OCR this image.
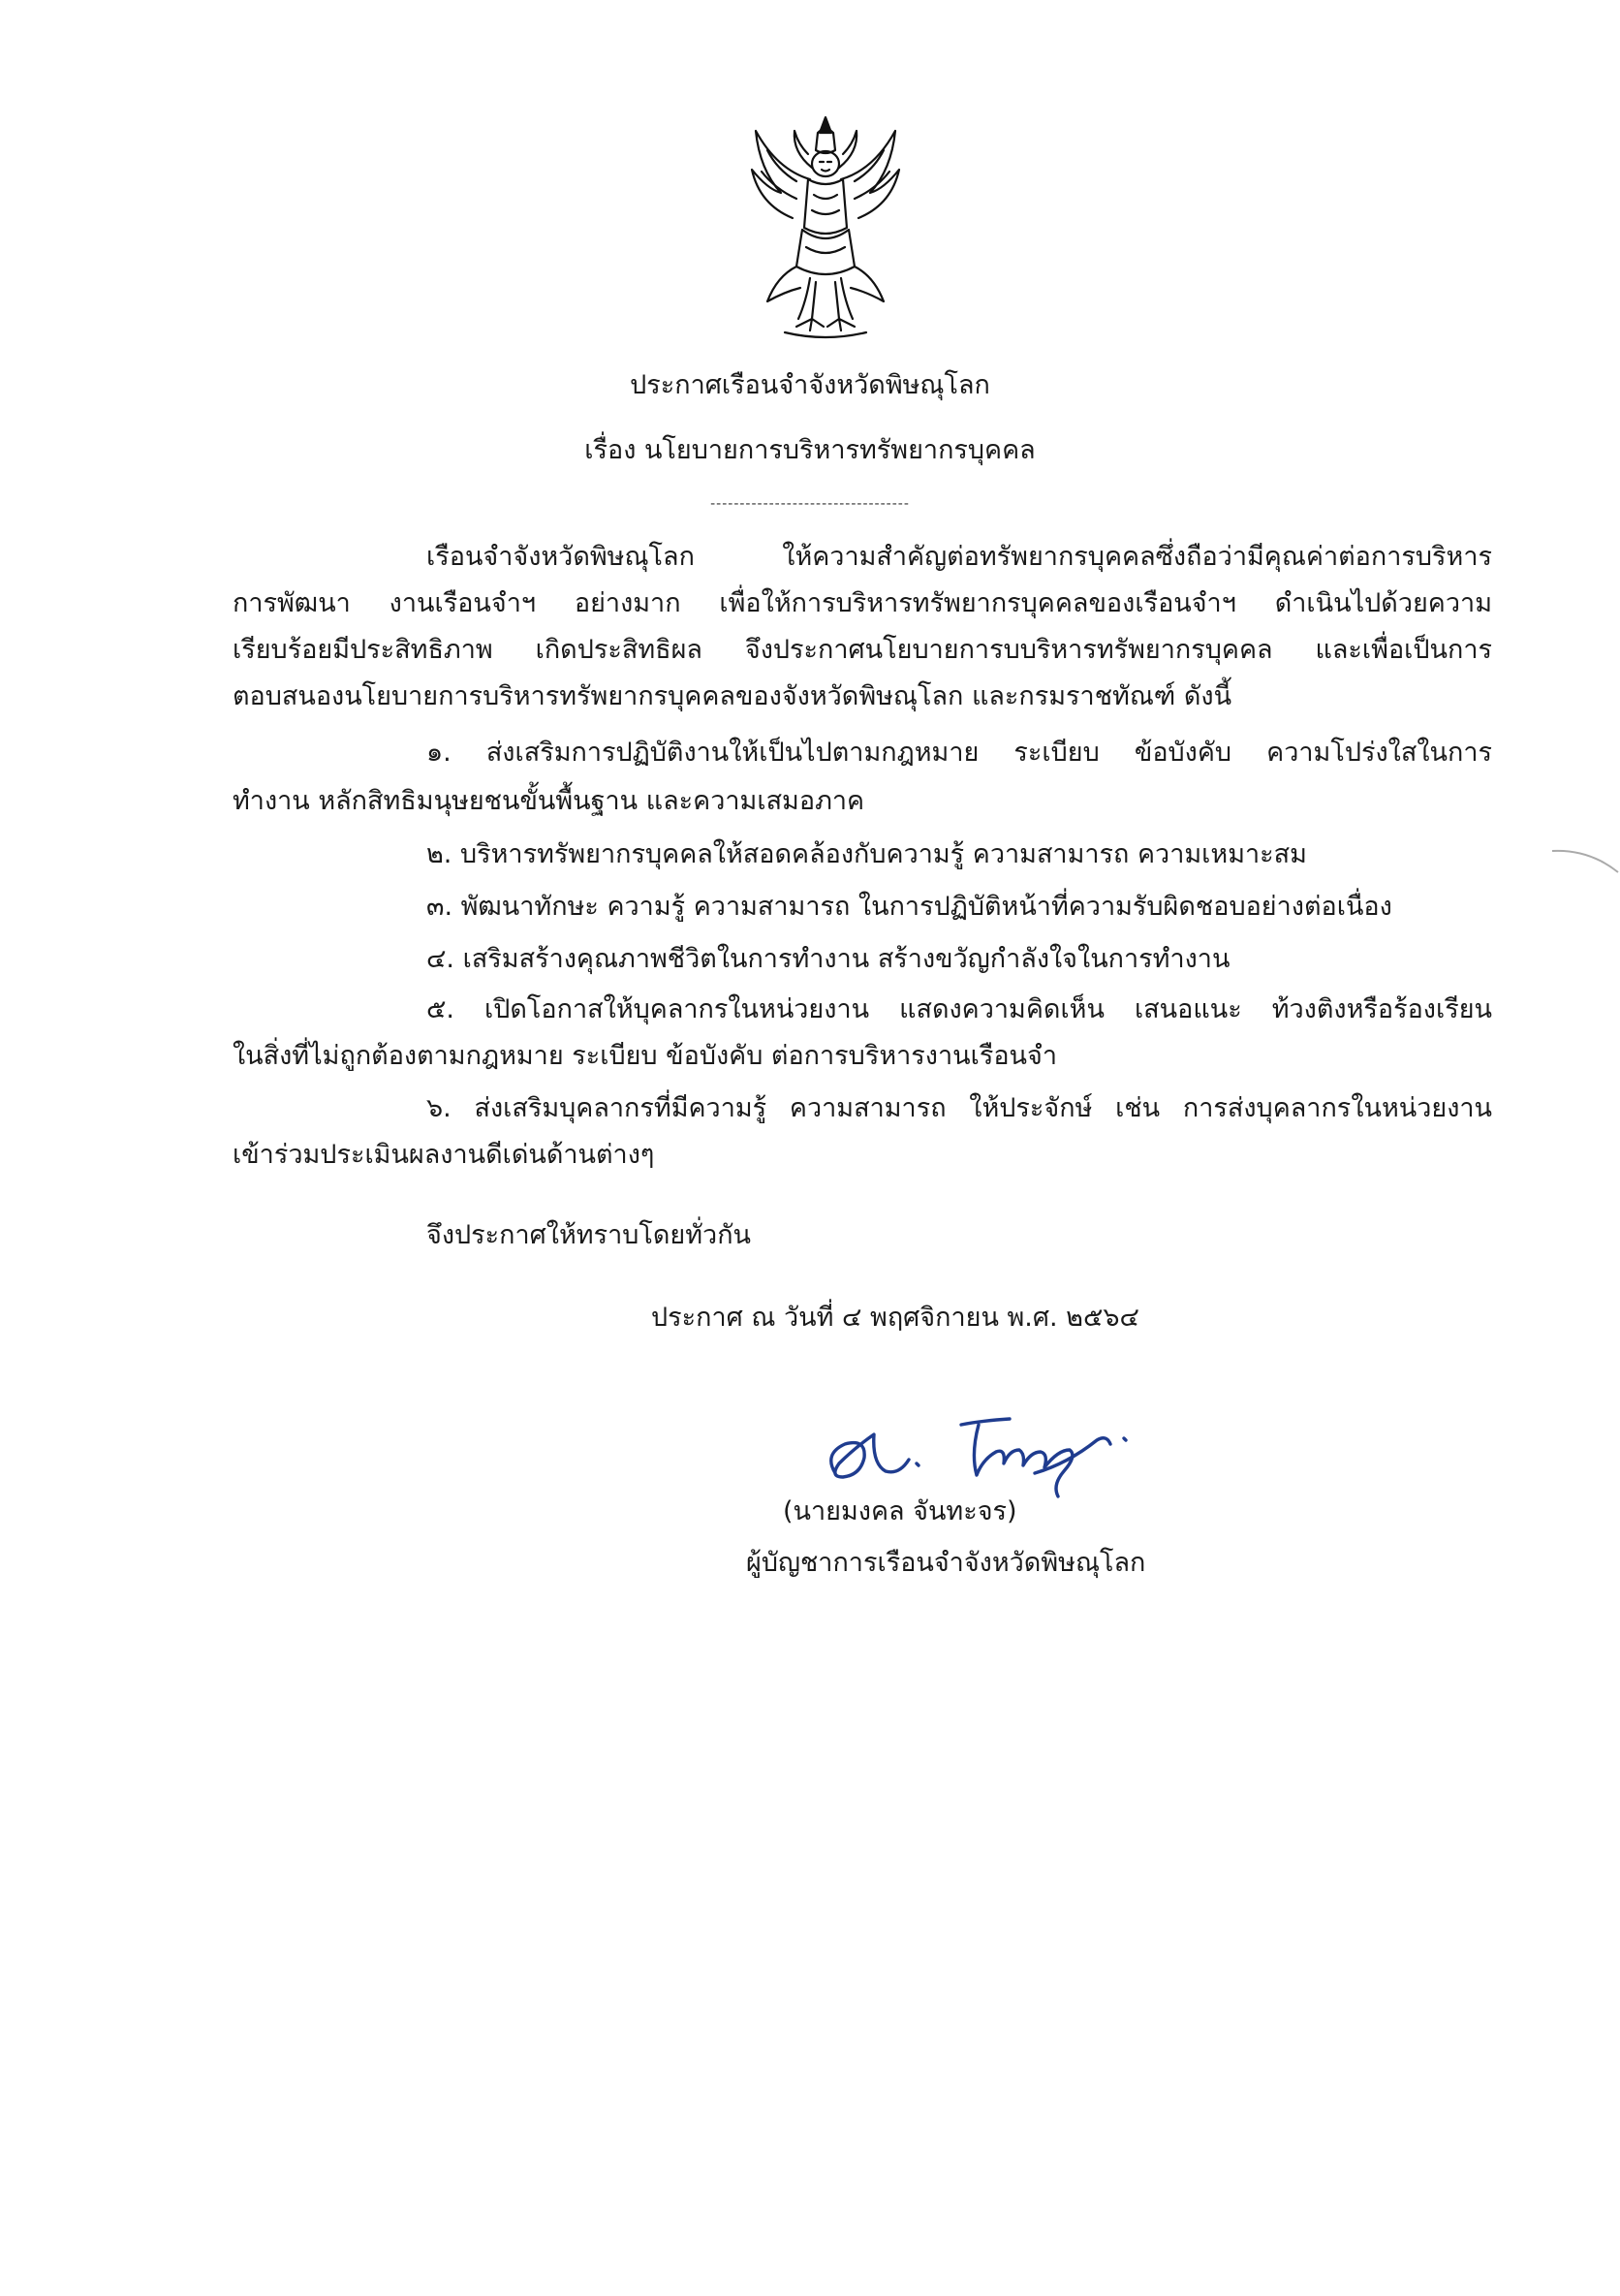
ประกาศเรือนจำจังหวัดพิษณุโลก
เรื่อง นโยบายการบริหารทรัพยากรบุคคล
----------------------------------
เรือนจำจังหวัดพิษณุโลก ให้ความสำคัญต่อทรัพยากรบุคคลซึ่งถือว่ามีคุณค่าต่อการบริหาร
การพัฒนา งานเรือนจำฯ อย่างมาก เพื่อให้การบริหารทรัพยากรบุคคลของเรือนจำฯ ดำเนินไปด้วยความ
เรียบร้อยมีประสิทธิภาพ เกิดประสิทธิผล จึงประกาศนโยบายการบบริหารทรัพยากรบุคคล และเพื่อเป็นการ
ตอบสนองนโยบายการบริหารทรัพยากรบุคคลของจังหวัดพิษณุโลก และกรมราชทัณฑ์ ดังนี้
๑. ส่งเสริมการปฏิบัติงานให้เป็นไปตามกฎหมาย ระเบียบ ข้อบังคับ ความโปร่งใสในการ
ทำงาน หลักสิทธิมนุษยชนขั้นพื้นฐาน และความเสมอภาค
๒. บริหารทรัพยากรบุคคลให้สอดคล้องกับความรู้ ความสามารถ ความเหมาะสม
๓. พัฒนาทักษะ ความรู้ ความสามารถ ในการปฏิบัติหน้าที่ความรับผิดชอบอย่างต่อเนื่อง
๔. เสริมสร้างคุณภาพชีวิตในการทำงาน สร้างขวัญกำลังใจในการทำงาน
๕. เปิดโอกาสให้บุคลากรในหน่วยงาน แสดงความคิดเห็น เสนอแนะ ท้วงติงหรือร้องเรียน
ในสิ่งที่ไม่ถูกต้องตามกฎหมาย ระเบียบ ข้อบังคับ ต่อการบริหารงานเรือนจำ
๖. ส่งเสริมบุคลากรที่มีความรู้ ความสามารถ ให้ประจักษ์ เช่น การส่งบุคลากรในหน่วยงาน
เข้าร่วมประเมินผลงานดีเด่นด้านต่างๆ
จึงประกาศให้ทราบโดยทั่วกัน
ประกาศ ณ วันที่ ๔ พฤศจิกายน พ.ศ. ๒๕๖๔
(นายมงคล จันทะจร)
ผู้บัญชาการเรือนจำจังหวัดพิษณุโลก
